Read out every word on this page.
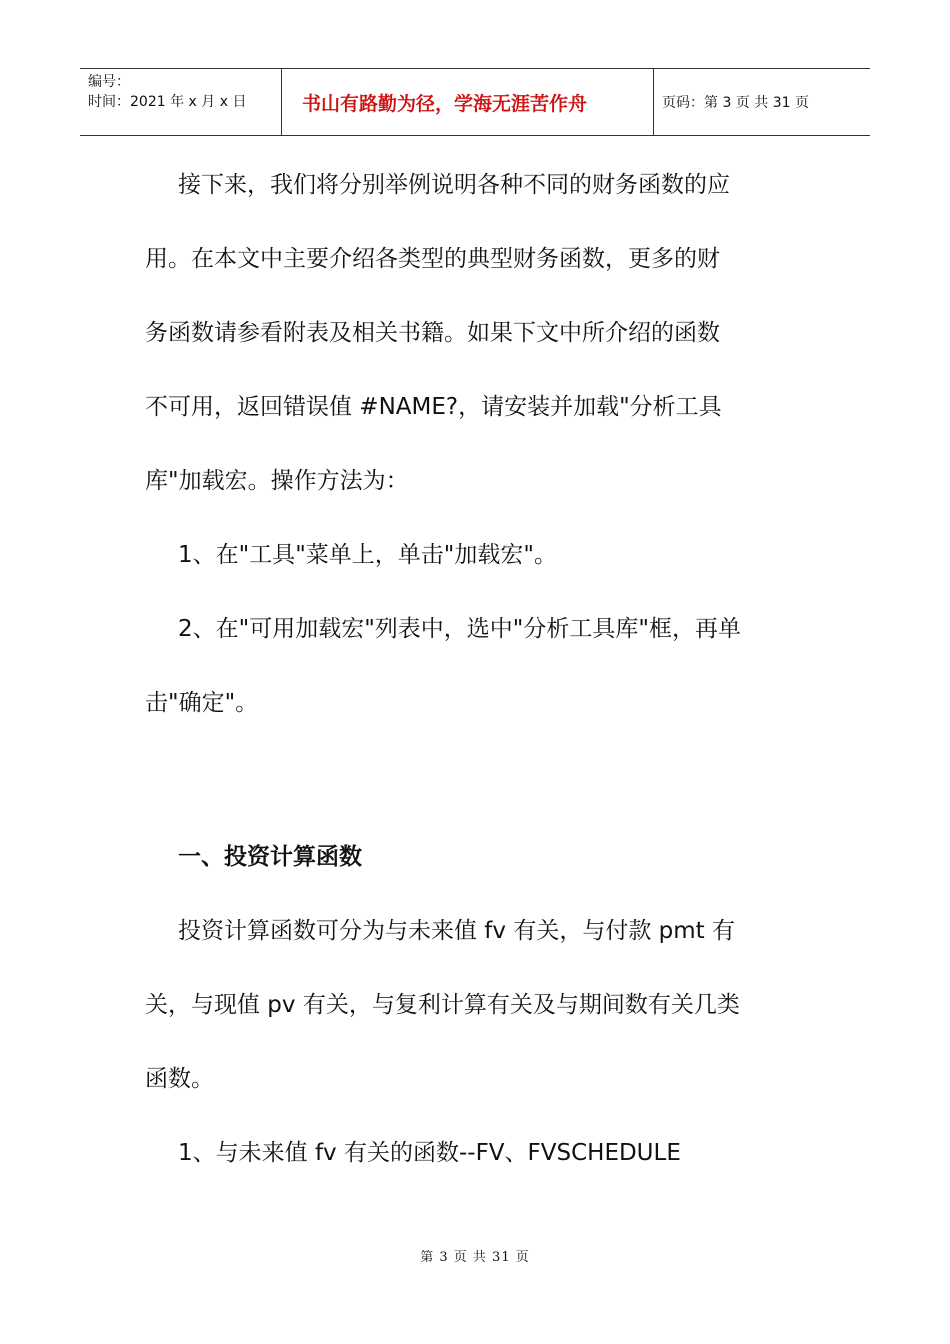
编号：
时间：2021 年 x 月 x 日	书山有路勤为径，学海无涯苦作舟	页码：第 3 页 共 31 页

接下来，我们将分别举例说明各种不同的财务函数的应

用。在本文中主要介绍各类型的典型财务函数，更多的财

务函数请参看附表及相关书籍。如果下文中所介绍的函数

不可用，返回错误值 #NAME?，请安装并加载"分析工具

库"加载宏。操作方法为：

1、在"工具"菜单上，单击"加载宏"。

2、在"可用加载宏"列表中，选中"分析工具库"框，再单

击"确定"。

一、投资计算函数

投资计算函数可分为与未来值 fv 有关，与付款 pmt 有

关，与现值 pv 有关，与复利计算有关及与期间数有关几类

函数。

1、与未来值 fv 有关的函数--FV、FVSCHEDULE

第 3 页 共 31 页
